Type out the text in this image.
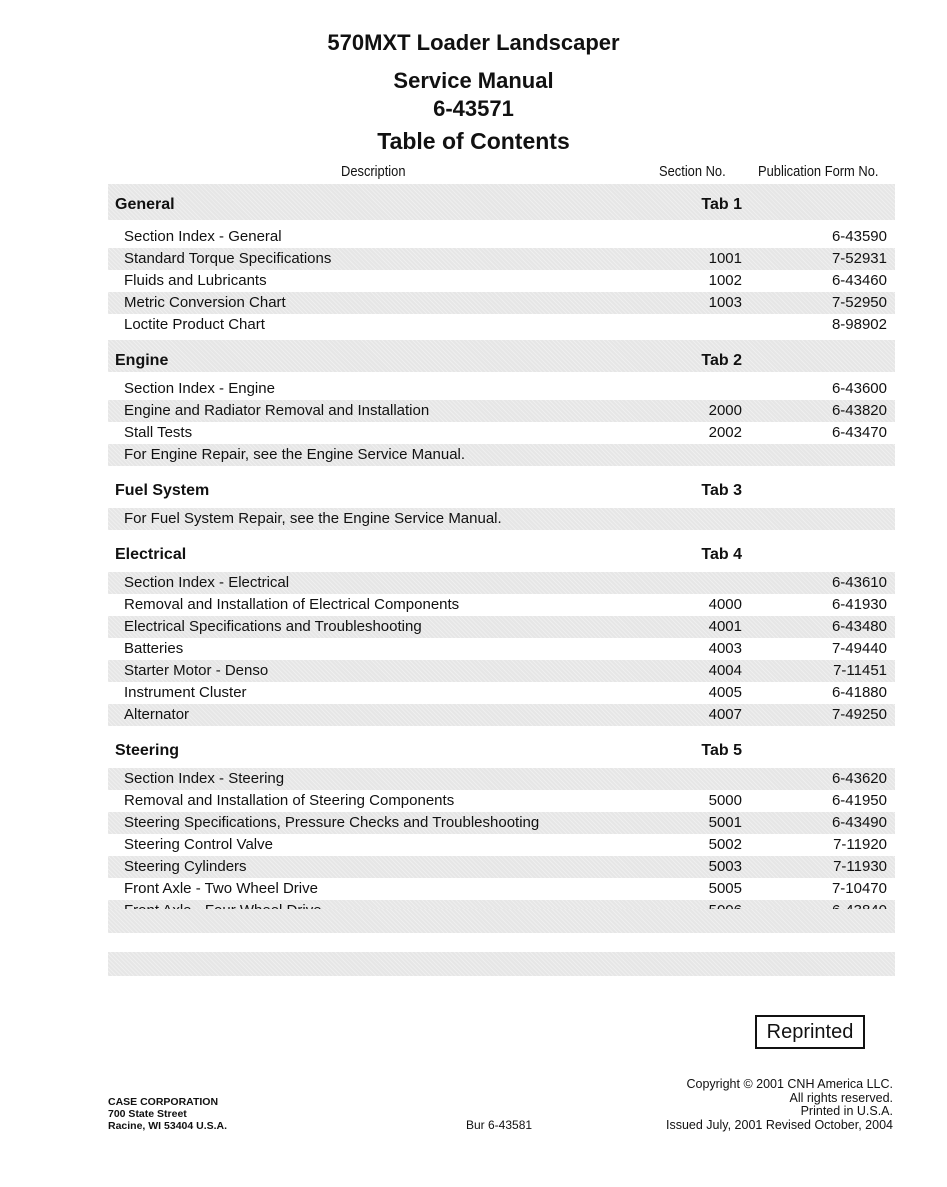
570MXT Loader Landscaper
Service Manual
6-43571
Table of Contents
Description	Section No. Publication Form No.
General	Tab 1
Section Index - General	6-43590
Standard Torque Specifications	1001	7-52931
Fluids and Lubricants	1002	6-43460
Metric Conversion Chart	1003	7-52950
Loctite Product Chart	8-98902
Engine	Tab 2
Section Index - Engine	6-43600
Engine and Radiator Removal and Installation	2000	6-43820
Stall Tests	2002	6-43470
For Engine Repair, see the Engine Service Manual.
Fuel System	Tab 3
For Fuel System Repair, see the Engine Service Manual.
Electrical	Tab 4
Section Index - Electrical	6-43610
Removal and Installation of Electrical Components	4000	6-41930
Electrical Specifications and Troubleshooting	4001	6-43480
Batteries	4003	7-49440
Starter Motor - Denso	4004	7-11451
Instrument Cluster	4005	6-41880
Alternator	4007	7-49250
Steering	Tab 5
Section Index - Steering	6-43620
Removal and Installation of Steering Components	5000	6-41950
Steering Specifications, Pressure Checks and Troubleshooting	5001	6-43490
Steering Control Valve	5002	7-11920
Steering Cylinders	5003	7-11930
Front Axle - Two Wheel Drive	5005	7-10470
Reprinted
CASE CORPORATION
700 State Street
Racine, WI 53404 U.S.A.	Bur 6-43581
Copyright © 2001 CNH America LLC.
All rights reserved.
Printed in U.S.A.
Issued July, 2001 Revised October, 2004
